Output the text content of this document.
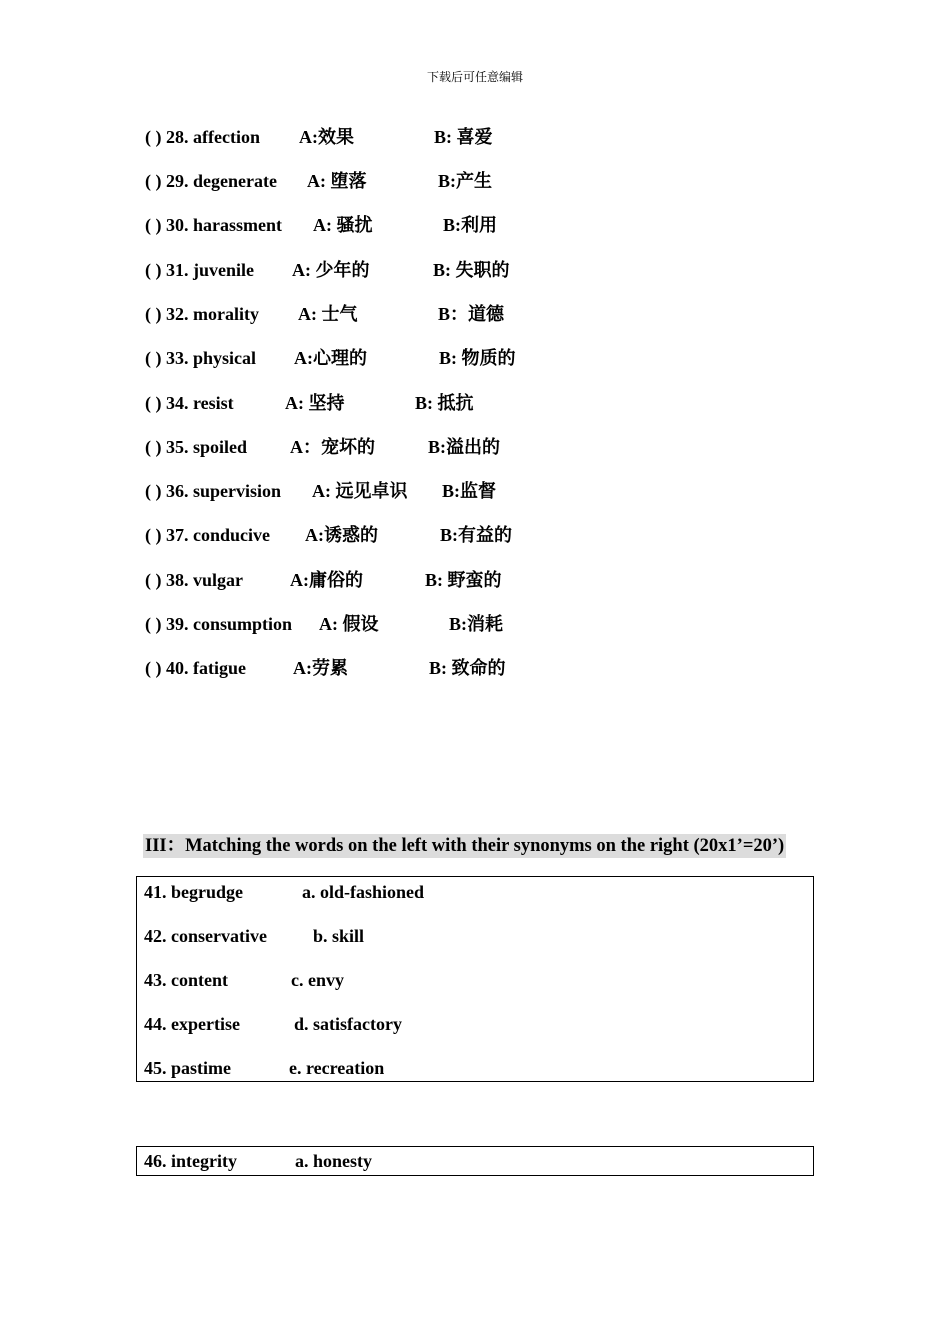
下载后可任意编辑
( ) 28. affection A:效果	B: 喜爱
( ) 29. degenerate A: 堕落	B:产生
( ) 30. harassment A: 骚扰	B:利用
( ) 31. juvenile A: 少年的	B: 失职的
( ) 32. morality A: 士气	B：道德
( ) 33. physical A:心理的	B: 物质的
( ) 34. resist	A: 坚持	B: 抵抗
( ) 35. spoiled A：宠坏的	B:溢出的
( ) 36. supervision A: 远见卓识 B:监督
( ) 37. conducive A:诱惑的	B:有益的
( ) 38. vulgar	A:庸俗的	B: 野蛮的
( ) 39. consumption A: 假设	B:消耗
( ) 40. fatigue	A:劳累	B: 致命的
III：Matching the words on the left with their synonyms on the right (20x1’=20’)
41. begrudge	a. old-fashioned
42. conservative	b. skill
43. content	c. envy
44. expertise	d. satisfactory
45. pastime	e. recreation
46. integrity	a. honesty
